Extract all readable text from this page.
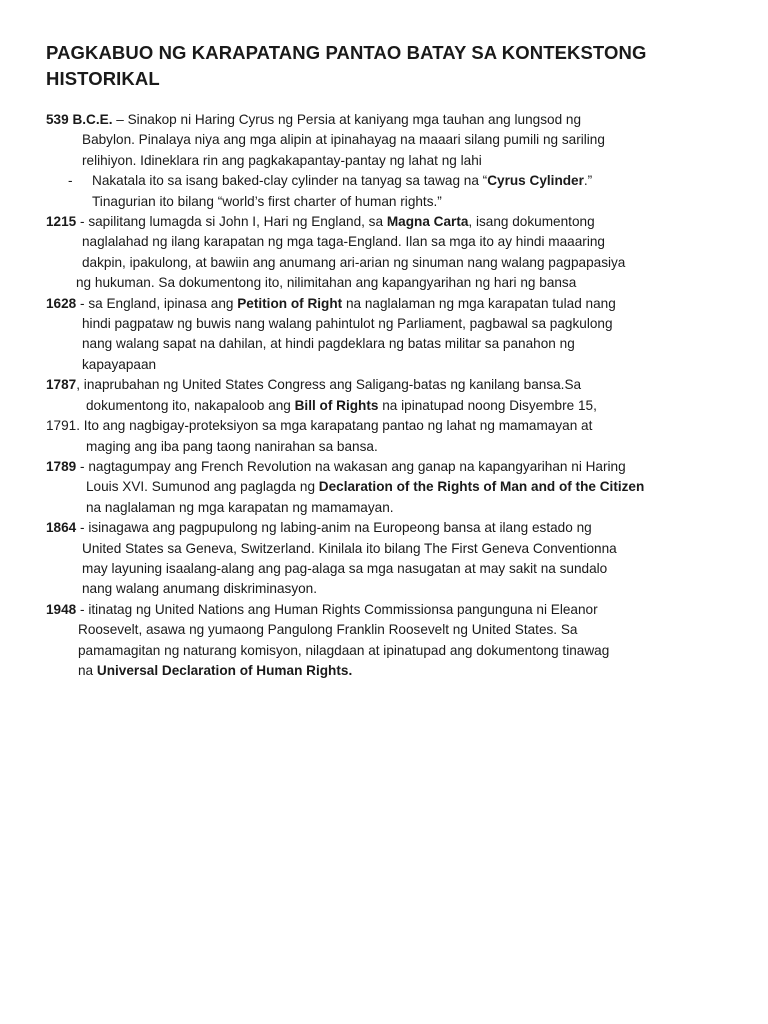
PAGKABUO NG KARAPATANG PANTAO BATAY SA KONTEKSTONG HISTORIKAL
539 B.C.E. – Sinakop ni Haring Cyrus ng Persia at kaniyang mga tauhan ang lungsod ng
Babylon. Pinalaya niya ang mga alipin at ipinahayag na maaari silang pumili ng sariling
relihiyon. Idineklara rin ang pagkakapantay-pantay ng lahat ng lahi
- Nakatala ito sa isang baked-clay cylinder na tanyag sa tawag na “Cyrus Cylinder.”
Tinagurian ito bilang “world’s first charter of human rights.”
1215 - sapilitang lumagda si John I, Hari ng England, sa Magna Carta, isang dokumentong
naglalahad ng ilang karapatan ng mga taga-England. Ilan sa mga ito ay hindi maaaring
dakpin, ipakulong, at bawiin ang anumang ari-arian ng sinuman nang walang pagpapasiya
ng hukuman. Sa dokumentong ito, nilimitahan ang kapangyarihan ng hari ng bansa
1628 - sa England, ipinasa ang Petition of Right na naglalaman ng mga karapatan tulad nang
hindi pagpataw ng buwis nang walang pahintulot ng Parliament, pagbawal sa pagkulong
nang walang sapat na dahilan, at hindi pagdeklara ng batas militar sa panahon ng
kapayapaan
1787, inaprubahan ng United States Congress ang Saligang-batas ng kanilang bansa.Sa
dokumentong ito, nakapaloob ang Bill of Rights na ipinatupad noong Disyembre 15,
1791. Ito ang nagbigay-proteksiyon sa mga karapatang pantao ng lahat ng mamamayan at
maging ang iba pang taong nanirahan sa bansa.
1789 - nagtagumpay ang French Revolution na wakasan ang ganap na kapangyarihan ni Haring
Louis XVI. Sumunod ang paglagda ng Declaration of the Rights of Man and of the Citizen
na naglalaman ng mga karapatan ng mamamayan.
1864 - isinagawa ang pagpupulong ng labing-anim na Europeong bansa at ilang estado ng
United States sa Geneva, Switzerland. Kinilala ito bilang The First Geneva Conventionna
may layuning isaalang-alang ang pag-alaga sa mga nasugatan at may sakit na sundalo
nang walang anumang diskriminasyon.
1948 - itinatag ng United Nations ang Human Rights Commissionsa pangunguna ni Eleanor
Roosevelt, asawa ng yumaong Pangulong Franklin Roosevelt ng United States. Sa
pamamagitan ng naturang komisyon, nilagdaan at ipinatupad ang dokumentong tinawag
na Universal Declaration of Human Rights.
